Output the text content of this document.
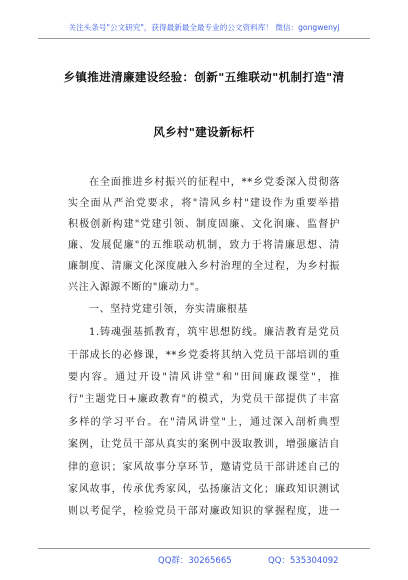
关注头条号"公文研究"，获得最新最全最专业的公文资料库！ 微信：gongwenyj
乡镇推进清廉建设经验：创新"五维联动"机制打造"清
风乡村"建设新标杆
在全面推进乡村振兴的征程中，**乡党委深入贯彻落
实全面从严治党要求，将"清风乡村"建设作为重要举措
积极创新构建"党建引领、制度固廉、文化润廉、监督护
廉、发展促廉"的五维联动机制，致力于将清廉思想、清
廉制度、清廉文化深度融入乡村治理的全过程，为乡村振
兴注入源源不断的"廉动力"。
一、坚持党建引领，夯实清廉根基
1.铸魂强基抓教育，筑牢思想防线。廉洁教育是党员
干部成长的必修课，**乡党委将其纳入党员干部培训的重
要内容。通过开设"清风讲堂"和"田间廉政课堂"，推
行"主题党日+廉政教育"的模式，为党员干部提供了丰富
多样的学习平台。在"清风讲堂"上，通过深入剖析典型
案例，让党员干部从真实的案例中汲取教训，增强廉洁自
律的意识；家风故事分享环节，邀请党员干部讲述自己的
家风故事，传承优秀家风，弘扬廉洁文化；廉政知识测试
则以考促学，检验党员干部对廉政知识的掌握程度，进一
QQ群：30265665	QQ：535304092
